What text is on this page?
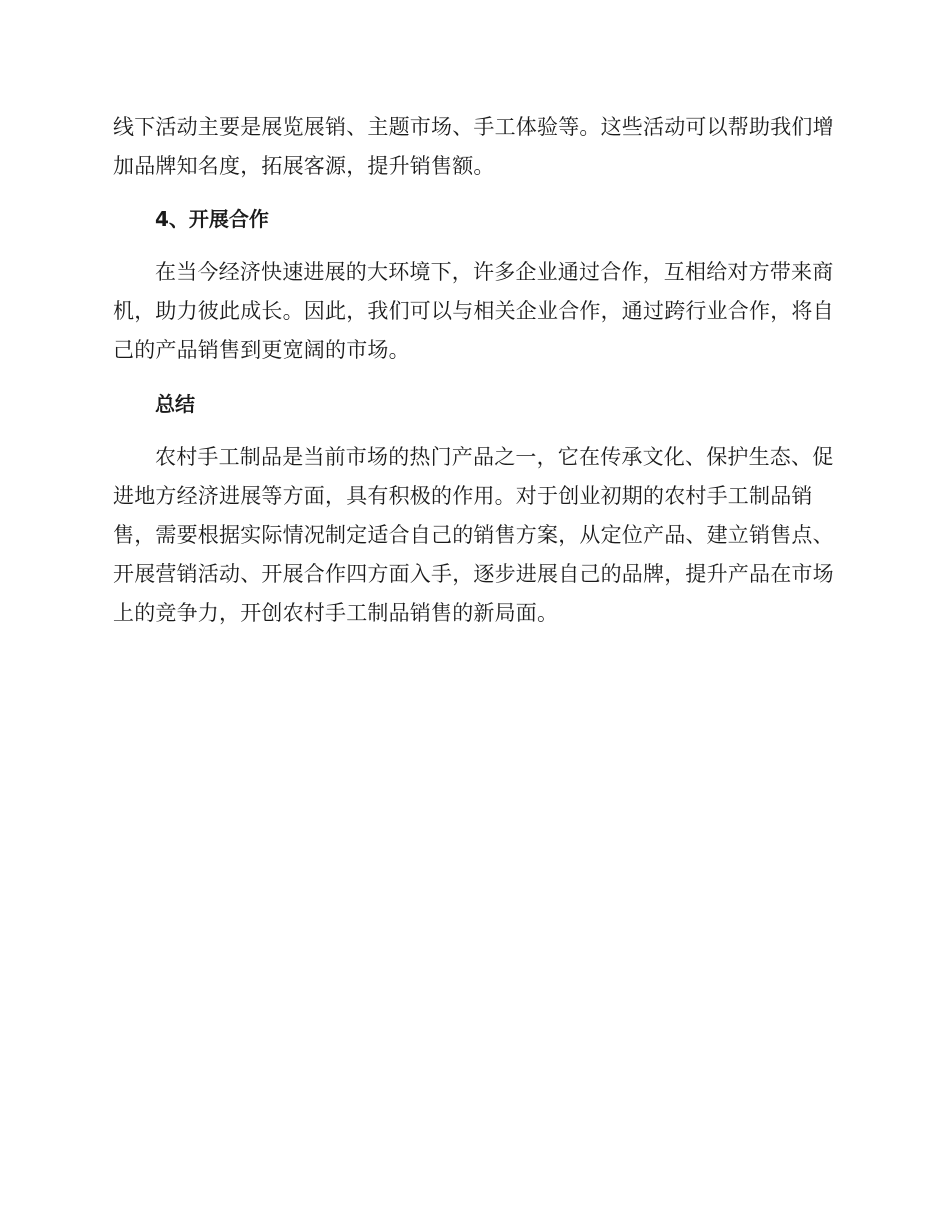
线下活动主要是展览展销、主题市场、手工体验等。这些活动可以帮助我们增加品牌知名度，拓展客源，提升销售额。

4、开展合作

在当今经济快速进展的大环境下，许多企业通过合作，互相给对方带来商机，助力彼此成长。因此，我们可以与相关企业合作，通过跨行业合作，将自己的产品销售到更宽阔的市场。

总结

农村手工制品是当前市场的热门产品之一，它在传承文化、保护生态、促进地方经济进展等方面，具有积极的作用。对于创业初期的农村手工制品销售，需要根据实际情况制定适合自己的销售方案，从定位产品、建立销售点、开展营销活动、开展合作四方面入手，逐步进展自己的品牌，提升产品在市场上的竞争力，开创农村手工制品销售的新局面。
